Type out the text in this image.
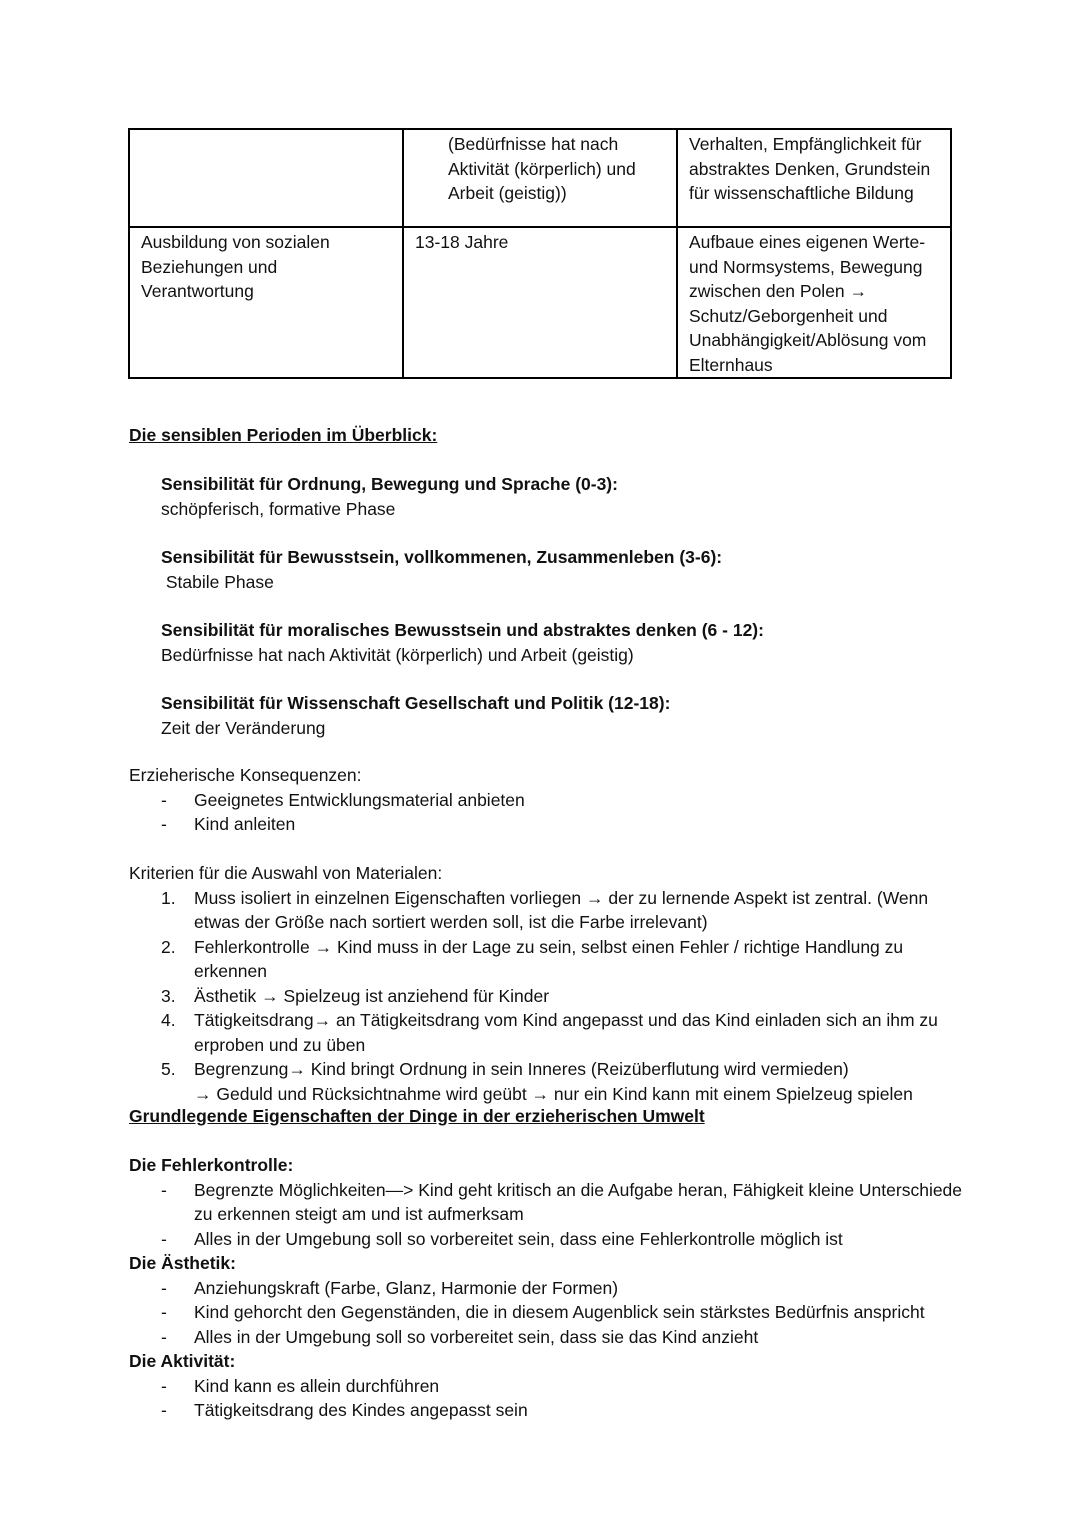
	(Bedürfnisse hat nach Aktivität (körperlich) und Arbeit (geistig))	Verhalten, Empfänglichkeit für abstraktes Denken, Grundstein für wissenschaftliche Bildung
Ausbildung von sozialen Beziehungen und Verantwortung	13-18 Jahre	Aufbaue eines eigenen Werte- und Normsystems, Bewegung zwischen den Polen → Schutz/Geborgenheit und Unabhängigkeit/Ablösung vom Elternhaus
Die sensiblen Perioden im Überblick:
Sensibilität für Ordnung, Bewegung und Sprache (0-3):
schöpferisch, formative Phase
Sensibilität für Bewusstsein, vollkommenen, Zusammenleben (3-6):
Stabile Phase
Sensibilität für moralisches Bewusstsein und abstraktes denken (6 - 12):
Bedürfnisse hat nach Aktivität (körperlich) und Arbeit (geistig)
Sensibilität für Wissenschaft Gesellschaft und Politik (12-18):
Zeit der Veränderung
Erzieherische Konsequenzen:
- Geeignetes Entwicklungsmaterial anbieten
- Kind anleiten
Kriterien für die Auswahl von Materialen:
1. Muss isoliert in einzelnen Eigenschaften vorliegen → der zu lernende Aspekt ist zentral. (Wenn etwas der Größe nach sortiert werden soll, ist die Farbe irrelevant)
2. Fehlerkontrolle → Kind muss in der Lage zu sein, selbst einen Fehler / richtige Handlung zu erkennen
3. Ästhetik → Spielzeug ist anziehend für Kinder
4. Tätigkeitsdrang→ an Tätigkeitsdrang vom Kind angepasst und das Kind einladen sich an ihm zu erproben und zu üben
5. Begrenzung→ Kind bringt Ordnung in sein Inneres (Reizüberflutung wird vermieden)
→ Geduld und Rücksichtnahme wird geübt → nur ein Kind kann mit einem Spielzeug spielen
Grundlegende Eigenschaften der Dinge in der erzieherischen Umwelt
Die Fehlerkontrolle:
- Begrenzte Möglichkeiten—> Kind geht kritisch an die Aufgabe heran, Fähigkeit kleine Unterschiede zu erkennen steigt am und ist aufmerksam
- Alles in der Umgebung soll so vorbereitet sein, dass eine Fehlerkontrolle möglich ist
Die Ästhetik:
- Anziehungskraft (Farbe, Glanz, Harmonie der Formen)
- Kind gehorcht den Gegenständen, die in diesem Augenblick sein stärkstes Bedürfnis anspricht
- Alles in der Umgebung soll so vorbereitet sein, dass sie das Kind anzieht
Die Aktivität:
- Kind kann es allein durchführen
- Tätigkeitsdrang des Kindes angepasst sein
